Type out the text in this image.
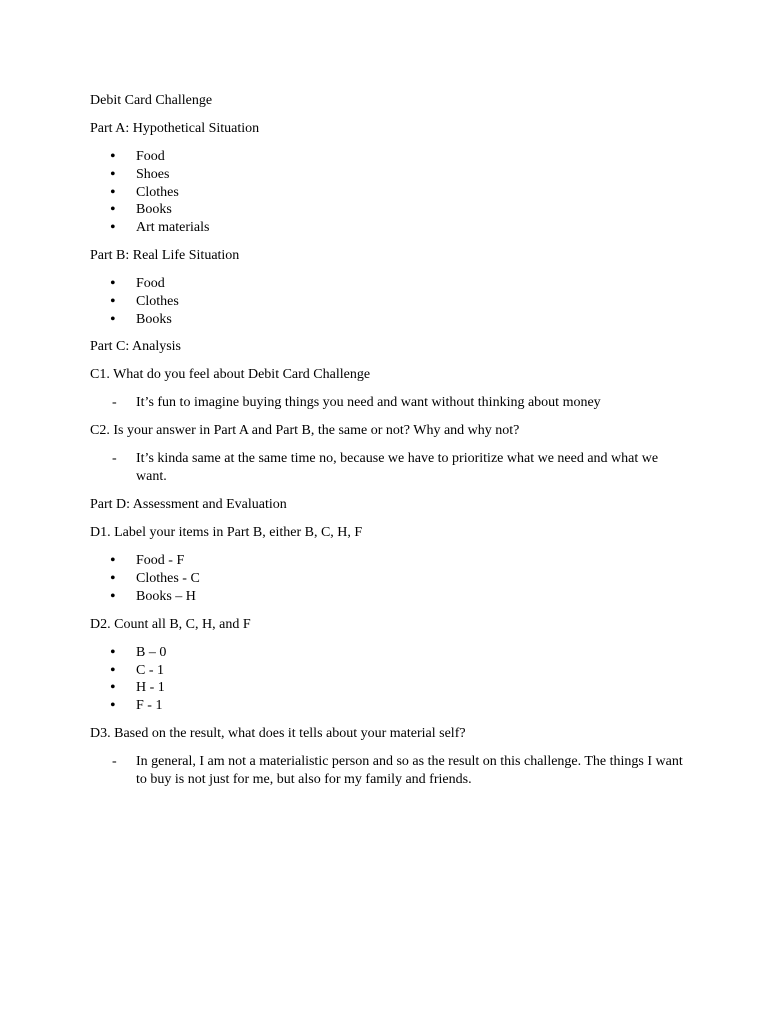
Debit Card Challenge

Part A: Hypothetical Situation

• Food
• Shoes
• Clothes
• Books
• Art materials

Part B: Real Life Situation

• Food
• Clothes
• Books

Part C: Analysis

C1. What do you feel about Debit Card Challenge

- It’s fun to imagine buying things you need and want without thinking about money

C2. Is your answer in Part A and Part B, the same or not? Why and why not?

- It’s kinda same at the same time no, because we have to prioritize what we need and what we want.

Part D: Assessment and Evaluation

D1. Label your items in Part B, either B, C, H, F

• Food - F
• Clothes - C
• Books – H

D2. Count all B, C, H, and F

• B – 0
• C - 1
• H - 1
• F - 1

D3. Based on the result, what does it tells about your material self?

- In general, I am not a materialistic person and so as the result on this challenge. The things I want to buy is not just for me, but also for my family and friends.
